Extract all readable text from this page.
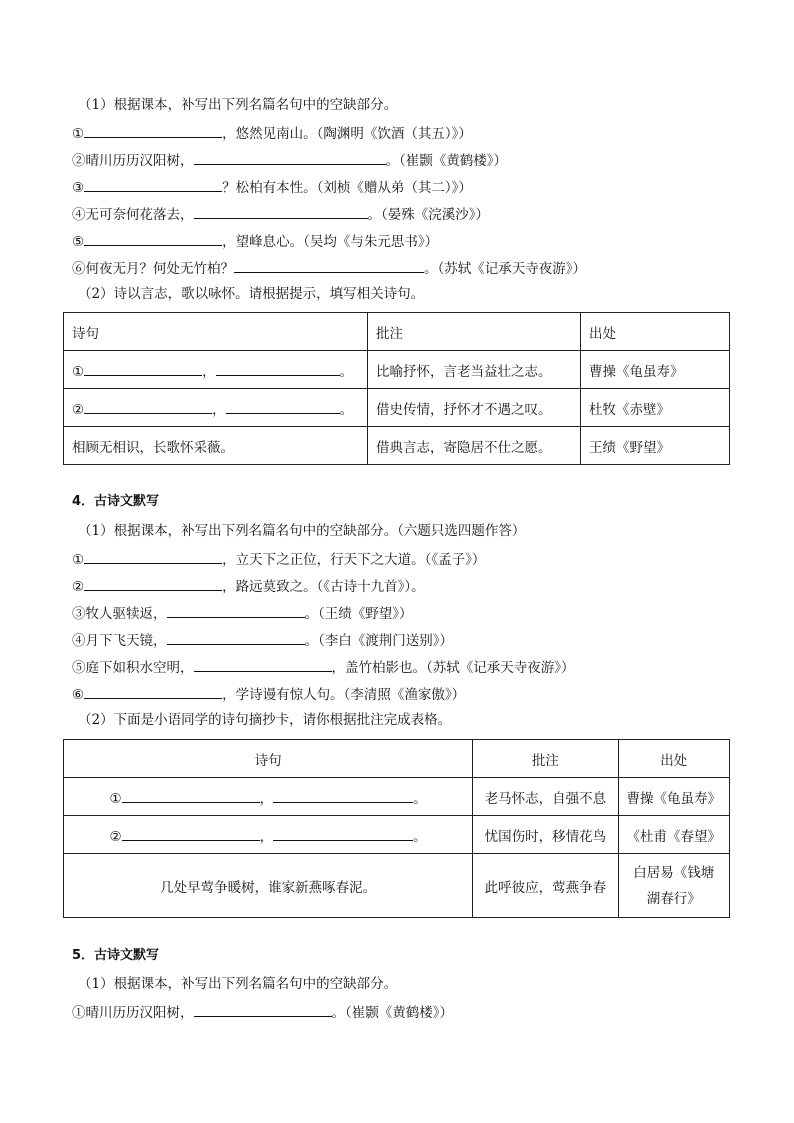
（1）根据课本，补写出下列名篇名句中的空缺部分。
①	，悠然见南山。（陶渊明《饮酒（其五）》）
②晴川历历汉阳树，	。（崔颢《黄鹤楼》）
③	？松柏有本性。（刘桢《赠从弟（其二）》）
④无可奈何花落去，	。（晏殊《浣溪沙》）
⑤	，望峰息心。（吴均《与朱元思书》）
⑥何夜无月？何处无竹柏？	。（苏轼《记承天寺夜游》）
（2）诗以言志，歌以咏怀。请根据提示，填写相关诗句。
诗句	批注	出处
① ， 。	比喻抒怀，言老当益壮之志。	曹操《龟虽寿》
② ， 。	借史传情，抒怀才不遇之叹。	杜牧《赤壁》
相顾无相识，长歌怀采薇。	借典言志，寄隐居不仕之愿。	王绩《野望》
4．古诗文默写
（1）根据课本，补写出下列名篇名句中的空缺部分。（六题只选四题作答）
①	，立天下之正位，行天下之大道。（《孟子》）
②	，路远莫致之。（《古诗十九首》）。
③牧人驱犊返，	。（王绩《野望》）
④月下飞天镜，	。（李白《渡荆门送别》）
⑤庭下如积水空明，	，盖竹柏影也。（苏轼《记承天寺夜游》）
⑥	，学诗谩有惊人句。（李清照《渔家傲》）
（2）下面是小语同学的诗句摘抄卡，请你根据批注完成表格。
诗句	批注	出处
① ， 。	老马怀志，自强不息	曹操《龟虽寿》
② ， 。	忧国伤时，移情花鸟	《杜甫《春望》
几处早莺争暖树，谁家新燕啄春泥。	此呼彼应，莺燕争春	白居易《钱塘
湖春行》
5．古诗文默写
（1）根据课本，补写出下列名篇名句中的空缺部分。
①晴川历历汉阳树，	。（崔颢《黄鹤楼》）
